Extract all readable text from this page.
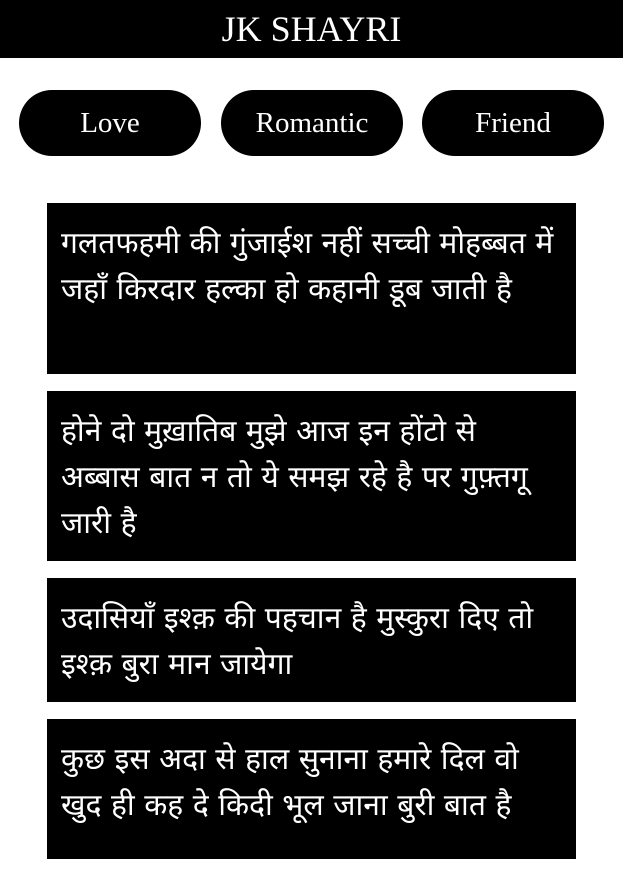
JK SHAYRI
Love	Romantic	Friend
गलतफहमी की गुंजाईश नहीं सच्ची मोहब्बत में जहाँ किरदार हल्का हो कहानी डूब जाती है
होने दो मुख़ातिब मुझे आज इन होंटो से अब्बास बात न तो ये समझ रहे है पर गुफ़्तगू जारी है
उदासियाँ इश्क़ की पहचान है मुस्कुरा दिए तो इश्क़ बुरा मान जायेगा
कुछ इस अदा से हाल सुनाना हमारे दिल वो खुद ही कह दे किदी भूल जाना बुरी बात है
